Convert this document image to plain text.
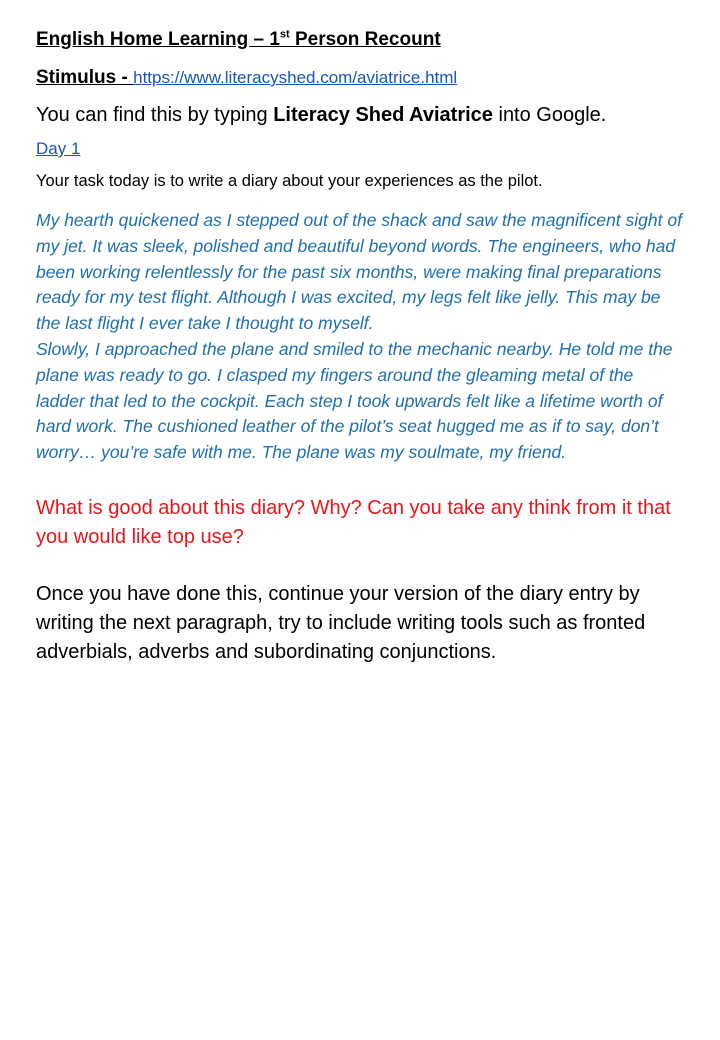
English Home Learning – 1st Person Recount
Stimulus - https://www.literacyshed.com/aviatrice.html
You can find this by typing Literacy Shed Aviatrice into Google.
Day 1
Your task today is to write a diary about your experiences as the pilot.

My hearth quickened as I stepped out of the shack and saw the magnificent sight of my jet. It was sleek, polished and beautiful beyond words. The engineers, who had been working relentlessly for the past six months, were making final preparations ready for my test flight. Although I was excited, my legs felt like jelly. This may be the last flight I ever take I thought to myself.

Slowly, I approached the plane and smiled to the mechanic nearby. He told me the plane was ready to go. I clasped my fingers around the gleaming metal of the ladder that led to the cockpit. Each step I took upwards felt like a lifetime worth of hard work. The cushioned leather of the pilot’s seat hugged me as if to say, don’t worry… you’re safe with me. The plane was my soulmate, my friend.

What is good about this diary? Why? Can you take any think from it that you would like top use?
Once you have done this, continue your version of the diary entry by writing the next paragraph, try to include writing tools such as fronted adverbials, adverbs and subordinating conjunctions.
